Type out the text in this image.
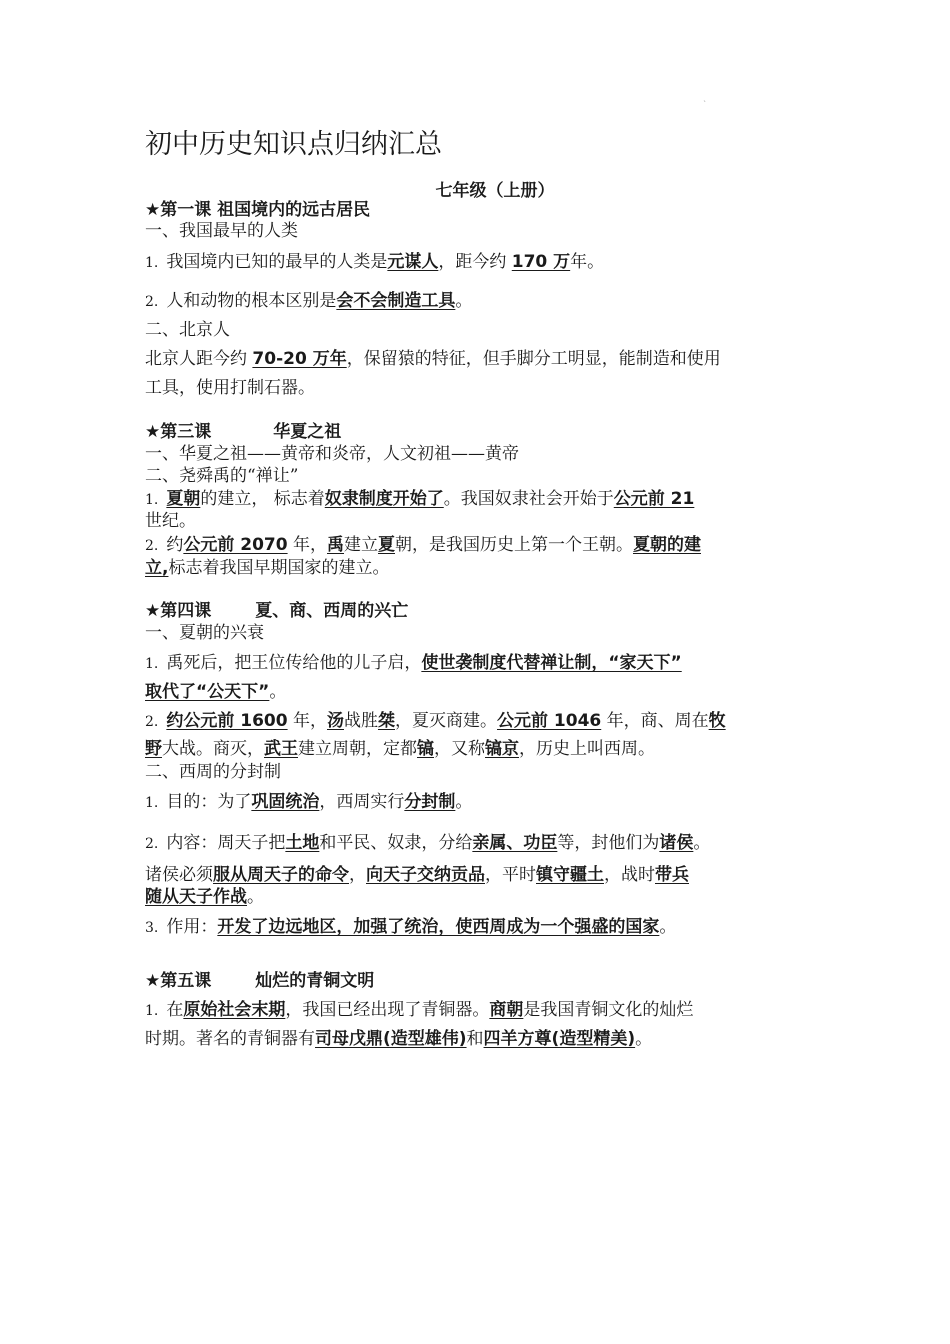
`
初中历史知识点归纳汇总
七年级（上册）
★第一课 祖国境内的远古居民
一、我国最早的人类
1. 我国境内已知的最早的人类是元谋人，距今约 170 万年。
2. 人和动物的根本区别是会不会制造工具。
二、北京人
北京人距今约 70-20 万年，保留猿的特征，但手脚分工明显，能制造和使用
工具，使用打制石器。
★第三课	华夏之祖
一、华夏之祖——黄帝和炎帝，人文初祖——黄帝
二、尧舜禹的“禅让”
1. 夏朝的建立， 标志着奴隶制度开始了。我国奴隶社会开始于公元前 21
世纪。
2. 约公元前 2070 年，禹建立夏朝，是我国历史上第一个王朝。夏朝的建
立,标志着我国早期国家的建立。
★第四课	夏、商、西周的兴亡
一、夏朝的兴衰
1. 禹死后，把王位传给他的儿子启，使世袭制度代替禅让制，“家天下”
取代了“公天下”。
2. 约公元前 1600 年，汤战胜桀，夏灭商建。公元前 1046 年，商、周在牧
野大战。商灭，武王建立周朝，定都镐，又称镐京，历史上叫西周。
二、西周的分封制
1. 目的：为了巩固统治，西周实行分封制。
2. 内容：周天子把土地和平民、奴隶，分给亲属、功臣等，封他们为诸侯。
诸侯必须服从周天子的命令，向天子交纳贡品，平时镇守疆土，战时带兵
随从天子作战。
3. 作用：开发了边远地区，加强了统治，使西周成为一个强盛的国家。
★第五课	灿烂的青铜文明
1. 在原始社会末期，我国已经出现了青铜器。商朝是我国青铜文化的灿烂
时期。著名的青铜器有司母戊鼎(造型雄伟)和四羊方尊(造型精美)。
